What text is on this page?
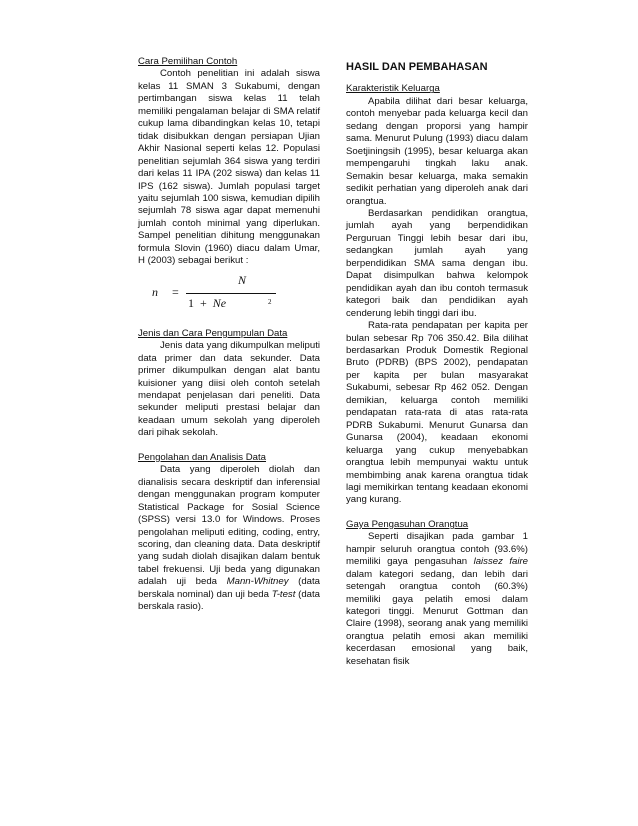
Cara Pemilihan Contoh

Contoh penelitian ini adalah siswa kelas 11 SMAN 3 Sukabumi, dengan pertimbangan siswa kelas 11 telah memiliki pengalaman belajar di SMA relatif cukup lama dibandingkan kelas 10, tetapi tidak disibukkan dengan persiapan Ujian Akhir Nasional seperti kelas 12. Populasi penelitian sejumlah 364 siswa yang terdiri dari kelas 11 IPA (202 siswa) dan kelas 11 IPS (162 siswa). Jumlah populasi target yaitu sejumlah 100 siswa, kemudian dipilih sejumlah 78 siswa agar dapat memenuhi jumlah contoh minimal yang diperlukan. Sampel penelitian dihitung menggunakan formula Slovin (1960) diacu dalam Umar, H (2003) sebagai berikut :

n =
N
1 + Ne	2
Jenis dan Cara Pengumpulan Data

Jenis data yang dikumpulkan meliputi data primer dan data sekunder. Data primer dikumpulkan dengan alat bantu kuisioner yang diisi oleh contoh setelah mendapat penjelasan dari peneliti. Data sekunder meliputi prestasi belajar dan keadaan umum sekolah yang diperoleh dari pihak sekolah.

Pengolahan dan Analisis Data

Data yang diperoleh diolah dan dianalisis secara deskriptif dan inferensial dengan menggunakan program komputer Statistical Package for Sosial Science (SPSS) versi 13.0 for Windows. Proses pengolahan meliputi editing, coding, entry, scoring, dan cleaning data. Data deskriptif yang sudah diolah disajikan dalam bentuk tabel frekuensi. Uji beda yang digunakan adalah uji beda Mann-Whitney (data berskala nominal) dan uji beda T-test (data berskala rasio).

HASIL DAN PEMBAHASAN
Karakteristik Keluarga

Apabila dilihat dari besar keluarga, contoh menyebar pada keluarga kecil dan sedang dengan proporsi yang hampir sama. Menurut Pulung (1993) diacu dalam Soetjiningsih (1995), besar keluarga akan mempengaruhi tingkah laku anak. Semakin besar keluarga, maka semakin sedikit perhatian yang diperoleh anak dari orangtua.

Berdasarkan pendidikan orangtua, jumlah ayah yang berpendidikan Perguruan Tinggi lebih besar dari ibu, sedangkan jumlah ayah yang berpendidikan SMA sama dengan ibu. Dapat disimpulkan bahwa kelompok pendidikan ayah dan ibu contoh termasuk kategori baik dan pendidikan ayah cenderung lebih tinggi dari ibu.

Rata-rata pendapatan per kapita per bulan sebesar Rp 706 350.42. Bila dilihat berdasarkan Produk Domestik Regional Bruto (PDRB) (BPS 2002), pendapatan per kapita per bulan masyarakat Sukabumi, sebesar Rp 462 052. Dengan demikian, keluarga contoh memiliki pendapatan rata-rata di atas rata-rata PDRB Sukabumi. Menurut Gunarsa dan Gunarsa (2004), keadaan ekonomi keluarga yang cukup menyebabkan orangtua lebih mempunyai waktu untuk membimbing anak karena orangtua tidak lagi memikirkan tentang keadaan ekonomi yang kurang.

Gaya Pengasuhan Orangtua

Seperti disajikan pada gambar 1 hampir seluruh orangtua contoh (93.6%) memiliki gaya pengasuhan laissez faire dalam kategori sedang, dan lebih dari setengah orangtua contoh (60.3%) memiliki gaya pelatih emosi dalam kategori tinggi. Menurut Gottman dan Claire (1998), seorang anak yang memiliki orangtua pelatih emosi akan memiliki kecerdasan emosional yang baik, kesehatan fisik
